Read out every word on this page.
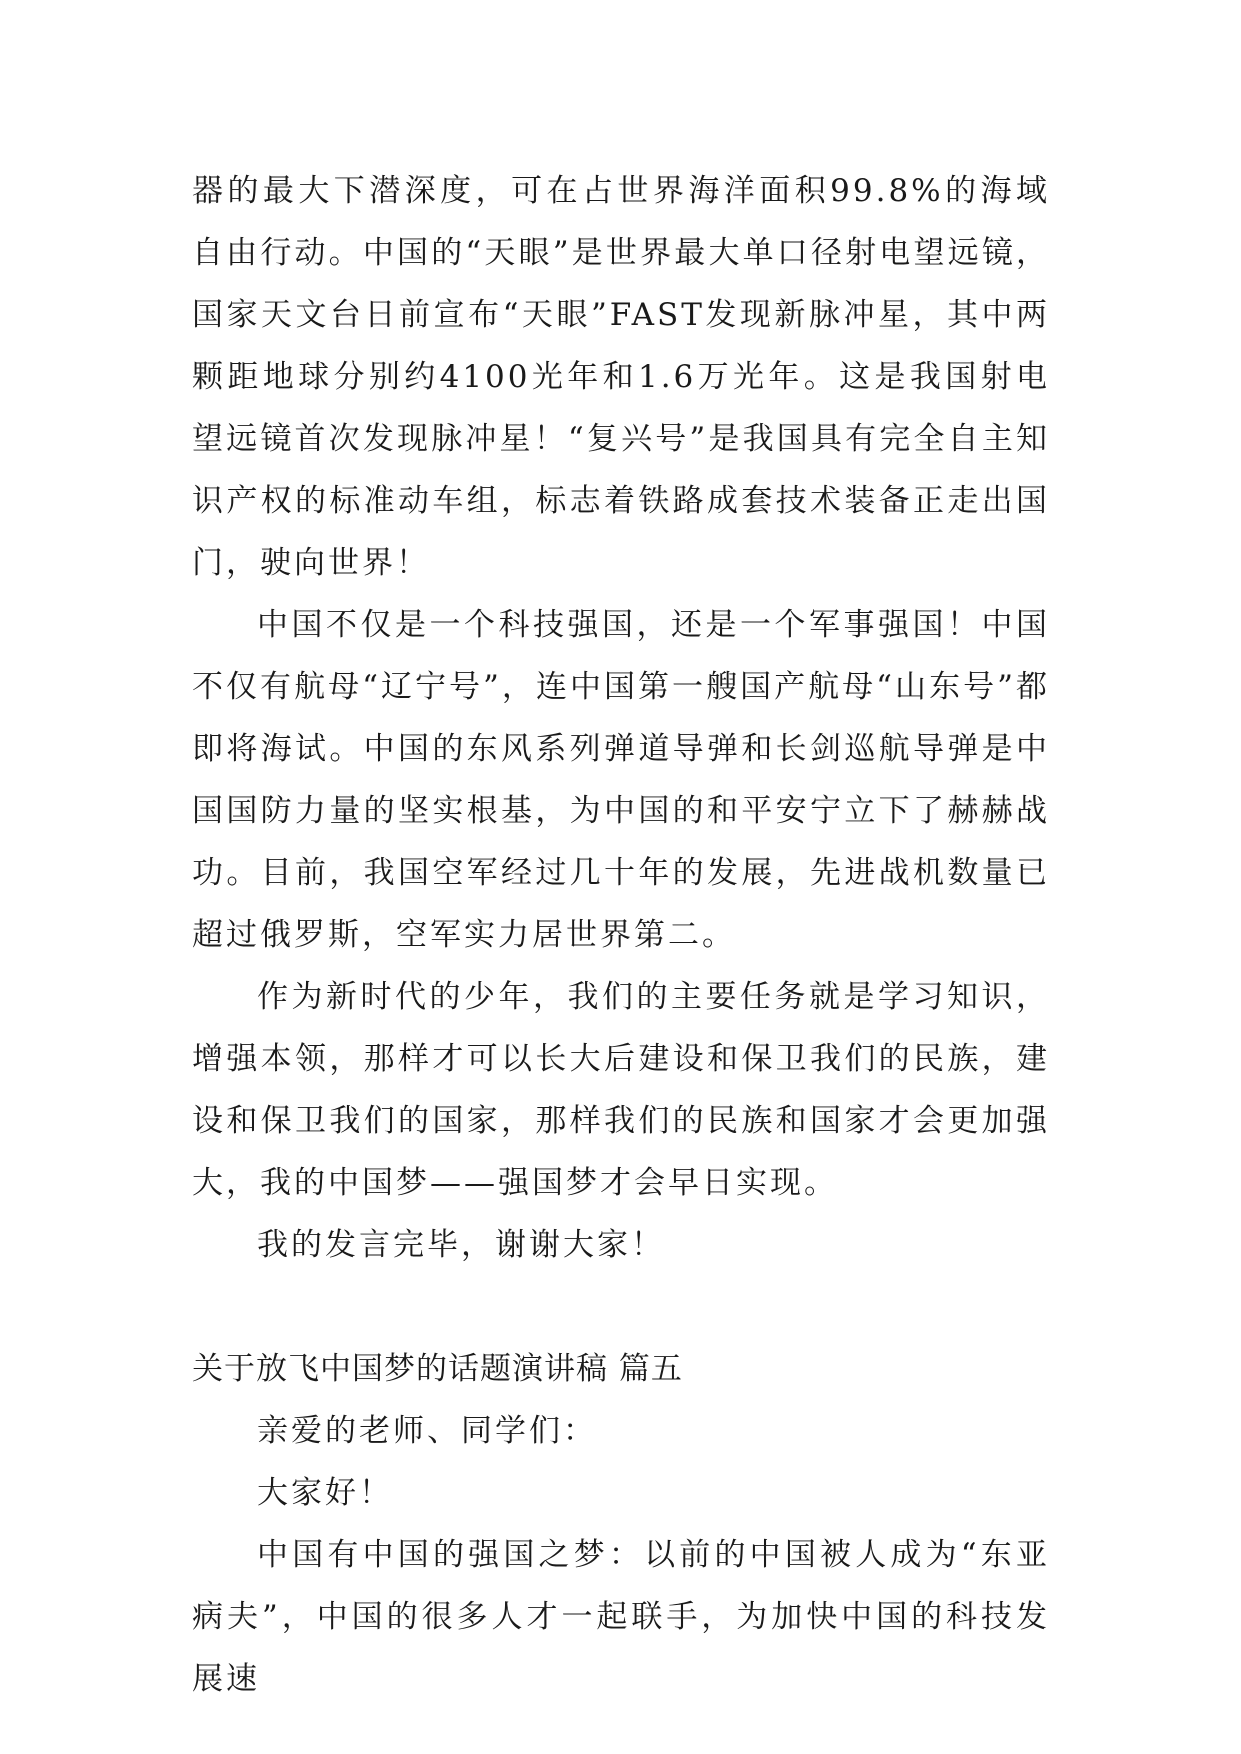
器的最大下潜深度，可在占世界海洋面积99.8%的海域自由行动。中国的“天眼”是世界最大单口径射电望远镜，国家天文台日前宣布“天眼”FAST发现新脉冲星，其中两颗距地球分别约4100光年和1.6万光年。这是我国射电望远镜首次发现脉冲星！“复兴号”是我国具有完全自主知识产权的标准动车组，标志着铁路成套技术装备正走出国门，驶向世界！

中国不仅是一个科技强国，还是一个军事强国！中国不仅有航母“辽宁号”，连中国第一艘国产航母“山东号”都即将海试。中国的东风系列弹道导弹和长剑巡航导弹是中国国防力量的坚实根基，为中国的和平安宁立下了赫赫战功。目前，我国空军经过几十年的发展，先进战机数量已超过俄罗斯，空军实力居世界第二。

作为新时代的少年，我们的主要任务就是学习知识，增强本领，那样才可以长大后建设和保卫我们的民族，建设和保卫我们的国家，那样我们的民族和国家才会更加强大，我的中国梦——强国梦才会早日实现。

我的发言完毕，谢谢大家！

关于放飞中国梦的话题演讲稿 篇五

亲爱的老师、同学们：

大家好！

中国有中国的强国之梦：以前的中国被人成为“东亚病夫”，中国的很多人才一起联手，为加快中国的科技发展速
